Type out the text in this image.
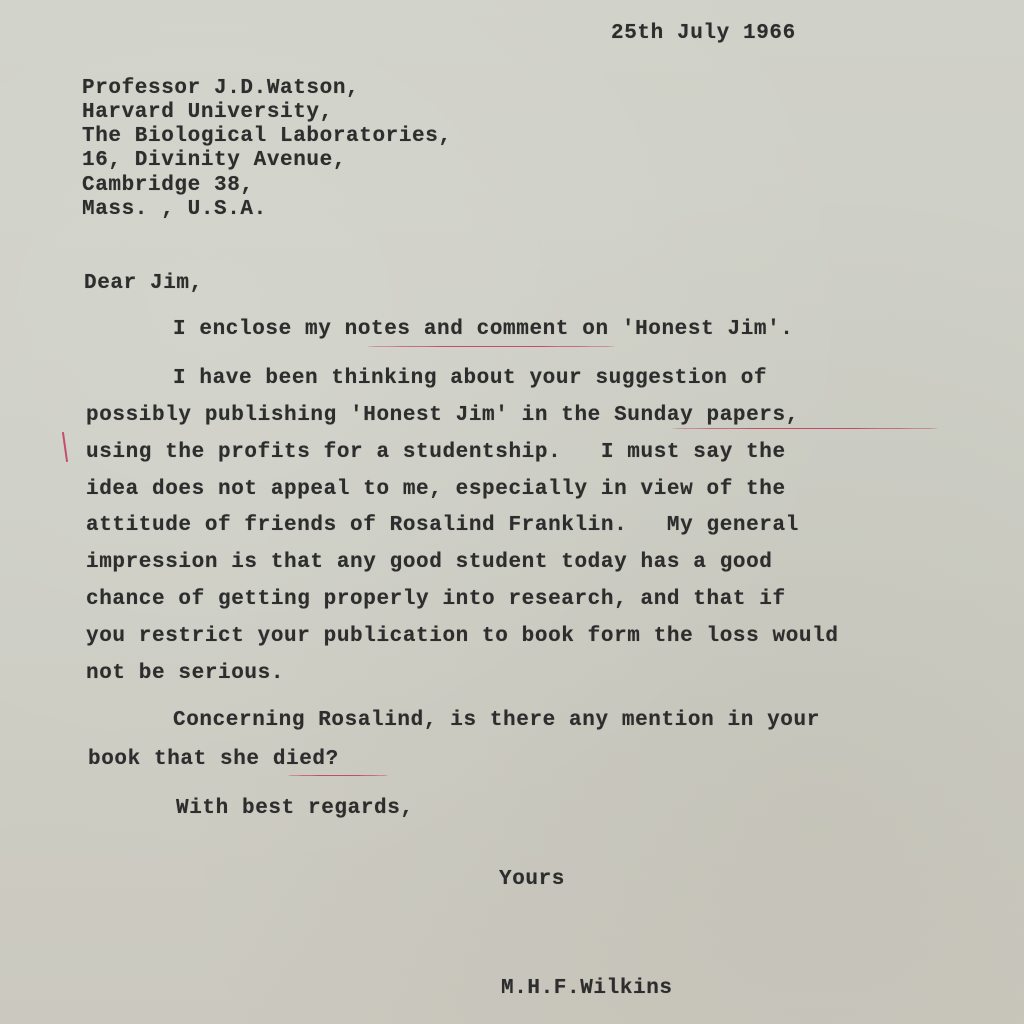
25th July 1966
Professor J.D.Watson,
Harvard University,
The Biological Laboratories,
16, Divinity Avenue,
Cambridge 38,
Mass. , U.S.A.
Dear Jim,
I enclose my notes and comment on 'Honest Jim'.
I have been thinking about your suggestion of
possibly publishing 'Honest Jim' in the Sunday papers,
using the profits for a studentship.   I must say the
idea does not appeal to me, especially in view of the
attitude of friends of Rosalind Franklin.   My general
impression is that any good student today has a good
chance of getting properly into research, and that if
you restrict your publication to book form the loss would
not be serious.
Concerning Rosalind, is there any mention in your
book that she died?
With best regards,
Yours
M.H.F.Wilkins
